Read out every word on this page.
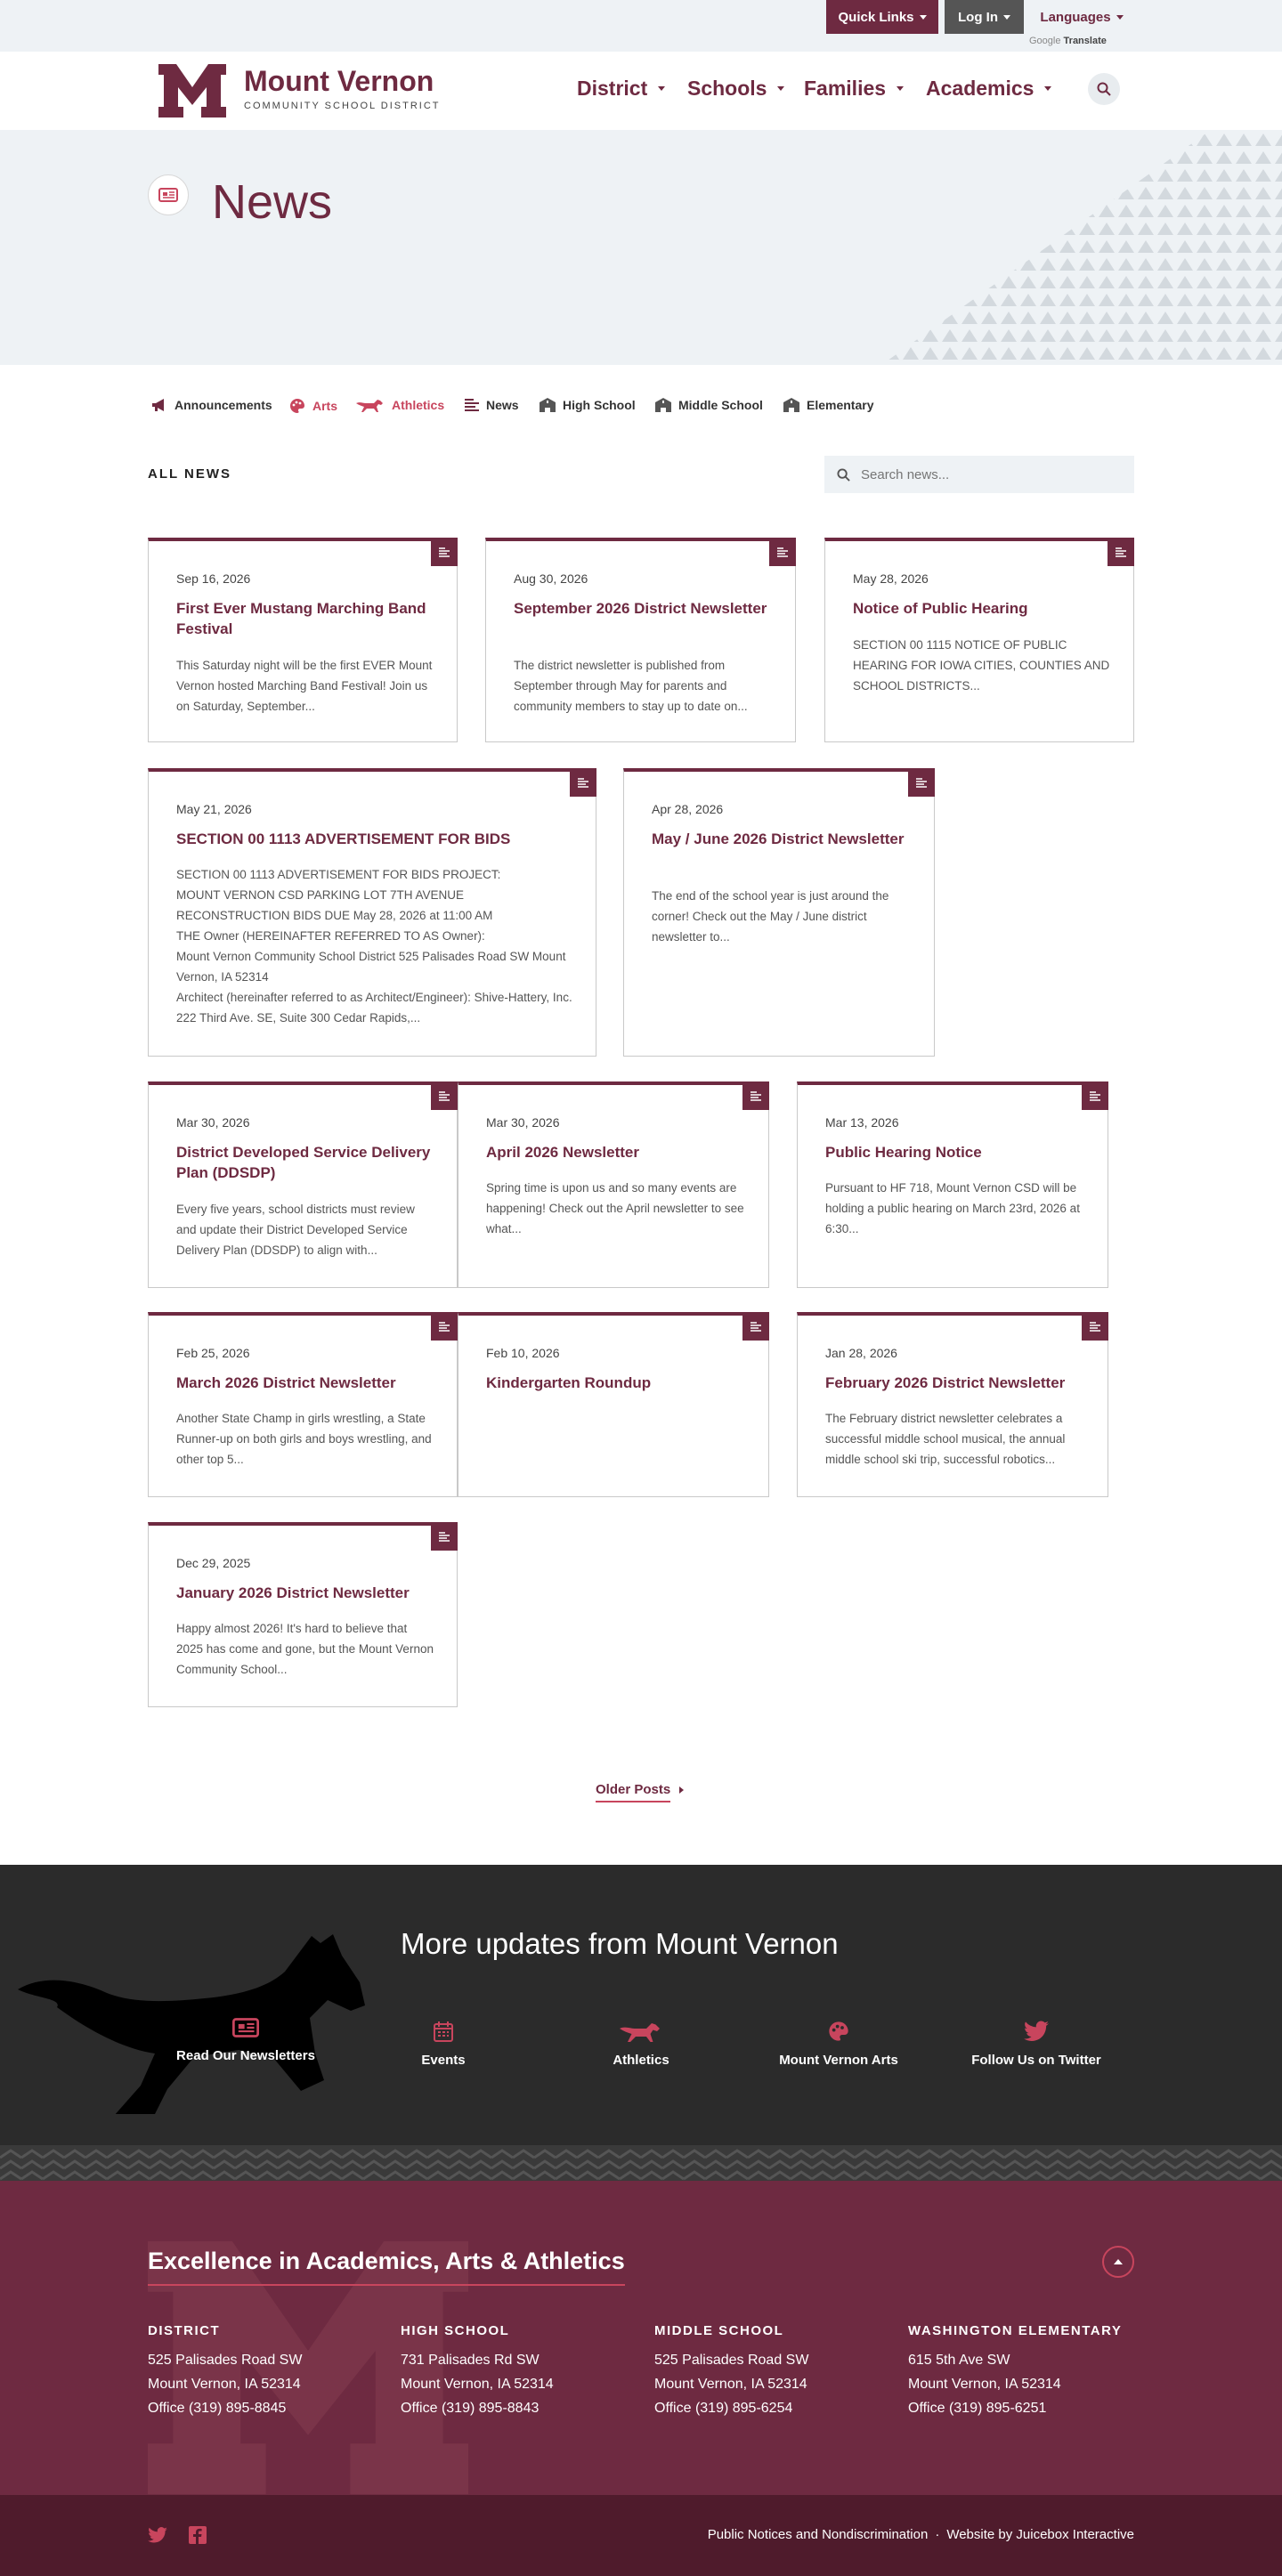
Quick Links	Log In	Languages
Google Translate
Mount Vernon
COMMUNITY SCHOOL DISTRICT
District Schools Families Academics
News
Announcements	Arts	Athletics	News	High School	Middle School	Elementary
ALL NEWS
Search news...
Sep 16, 2026
First Ever Mustang Marching Band Festival
This Saturday night will be the first EVER Mount Vernon hosted Marching Band Festival! Join us on Saturday, September...
Aug 30, 2026
September 2026 District Newsletter
The district newsletter is published from September through May for parents and community members to stay up to date on...
May 28, 2026
Notice of Public Hearing
SECTION 00 1115 NOTICE OF PUBLIC HEARING FOR IOWA CITIES, COUNTIES AND SCHOOL DISTRICTS...
May 21, 2026
SECTION 00 1113 ADVERTISEMENT FOR BIDS
SECTION 00 1113 ADVERTISEMENT FOR BIDS PROJECT:
MOUNT VERNON CSD PARKING LOT 7TH AVENUE RECONSTRUCTION BIDS DUE May 28, 2026 at 11:00 AM
THE Owner (HEREINAFTER REFERRED TO AS Owner):
Mount Vernon Community School District 525 Palisades Road SW Mount Vernon, IA 52314
Architect (hereinafter referred to as Architect/Engineer): Shive-Hattery, Inc. 222 Third Ave. SE, Suite 300 Cedar Rapids,...
Apr 28, 2026
May / June 2026 District Newsletter
The end of the school year is just around the corner! Check out the May / June district newsletter to...
Mar 30, 2026
District Developed Service Delivery Plan (DDSDP)
Every five years, school districts must review and update their District Developed Service Delivery Plan (DDSDP) to align with...
Mar 30, 2026
April 2026 Newsletter
Spring time is upon us and so many events are happening! Check out the April newsletter to see what...
Mar 13, 2026
Public Hearing Notice
Pursuant to HF 718, Mount Vernon CSD will be holding a public hearing on March 23rd, 2026 at 6:30...
Feb 25, 2026
March 2026 District Newsletter
Another State Champ in girls wrestling, a State Runner-up on both girls and boys wrestling, and other top 5...
Feb 10, 2026
Kindergarten Roundup
Jan 28, 2026
February 2026 District Newsletter
The February district newsletter celebrates a successful middle school musical, the annual middle school ski trip, successful robotics...
Dec 29, 2025
January 2026 District Newsletter
Happy almost 2026! It's hard to believe that 2025 has come and gone, but the Mount Vernon Community School...
Older Posts
More updates from Mount Vernon
Read Our Newsletters	Events	Athletics	Mount Vernon Arts	Follow Us on Twitter
Excellence in Academics, Arts & Athletics
DISTRICT
525 Palisades Road SW
Mount Vernon, IA 52314
Office (319) 895-8845
HIGH SCHOOL
731 Palisades Rd SW
Mount Vernon, IA 52314
Office (319) 895-8843
MIDDLE SCHOOL
525 Palisades Road SW
Mount Vernon, IA 52314
Office (319) 895-6254
WASHINGTON ELEMENTARY
615 5th Ave SW
Mount Vernon, IA 52314
Office (319) 895-6251
Public Notices and Nondiscrimination · Website by Juicebox Interactive
